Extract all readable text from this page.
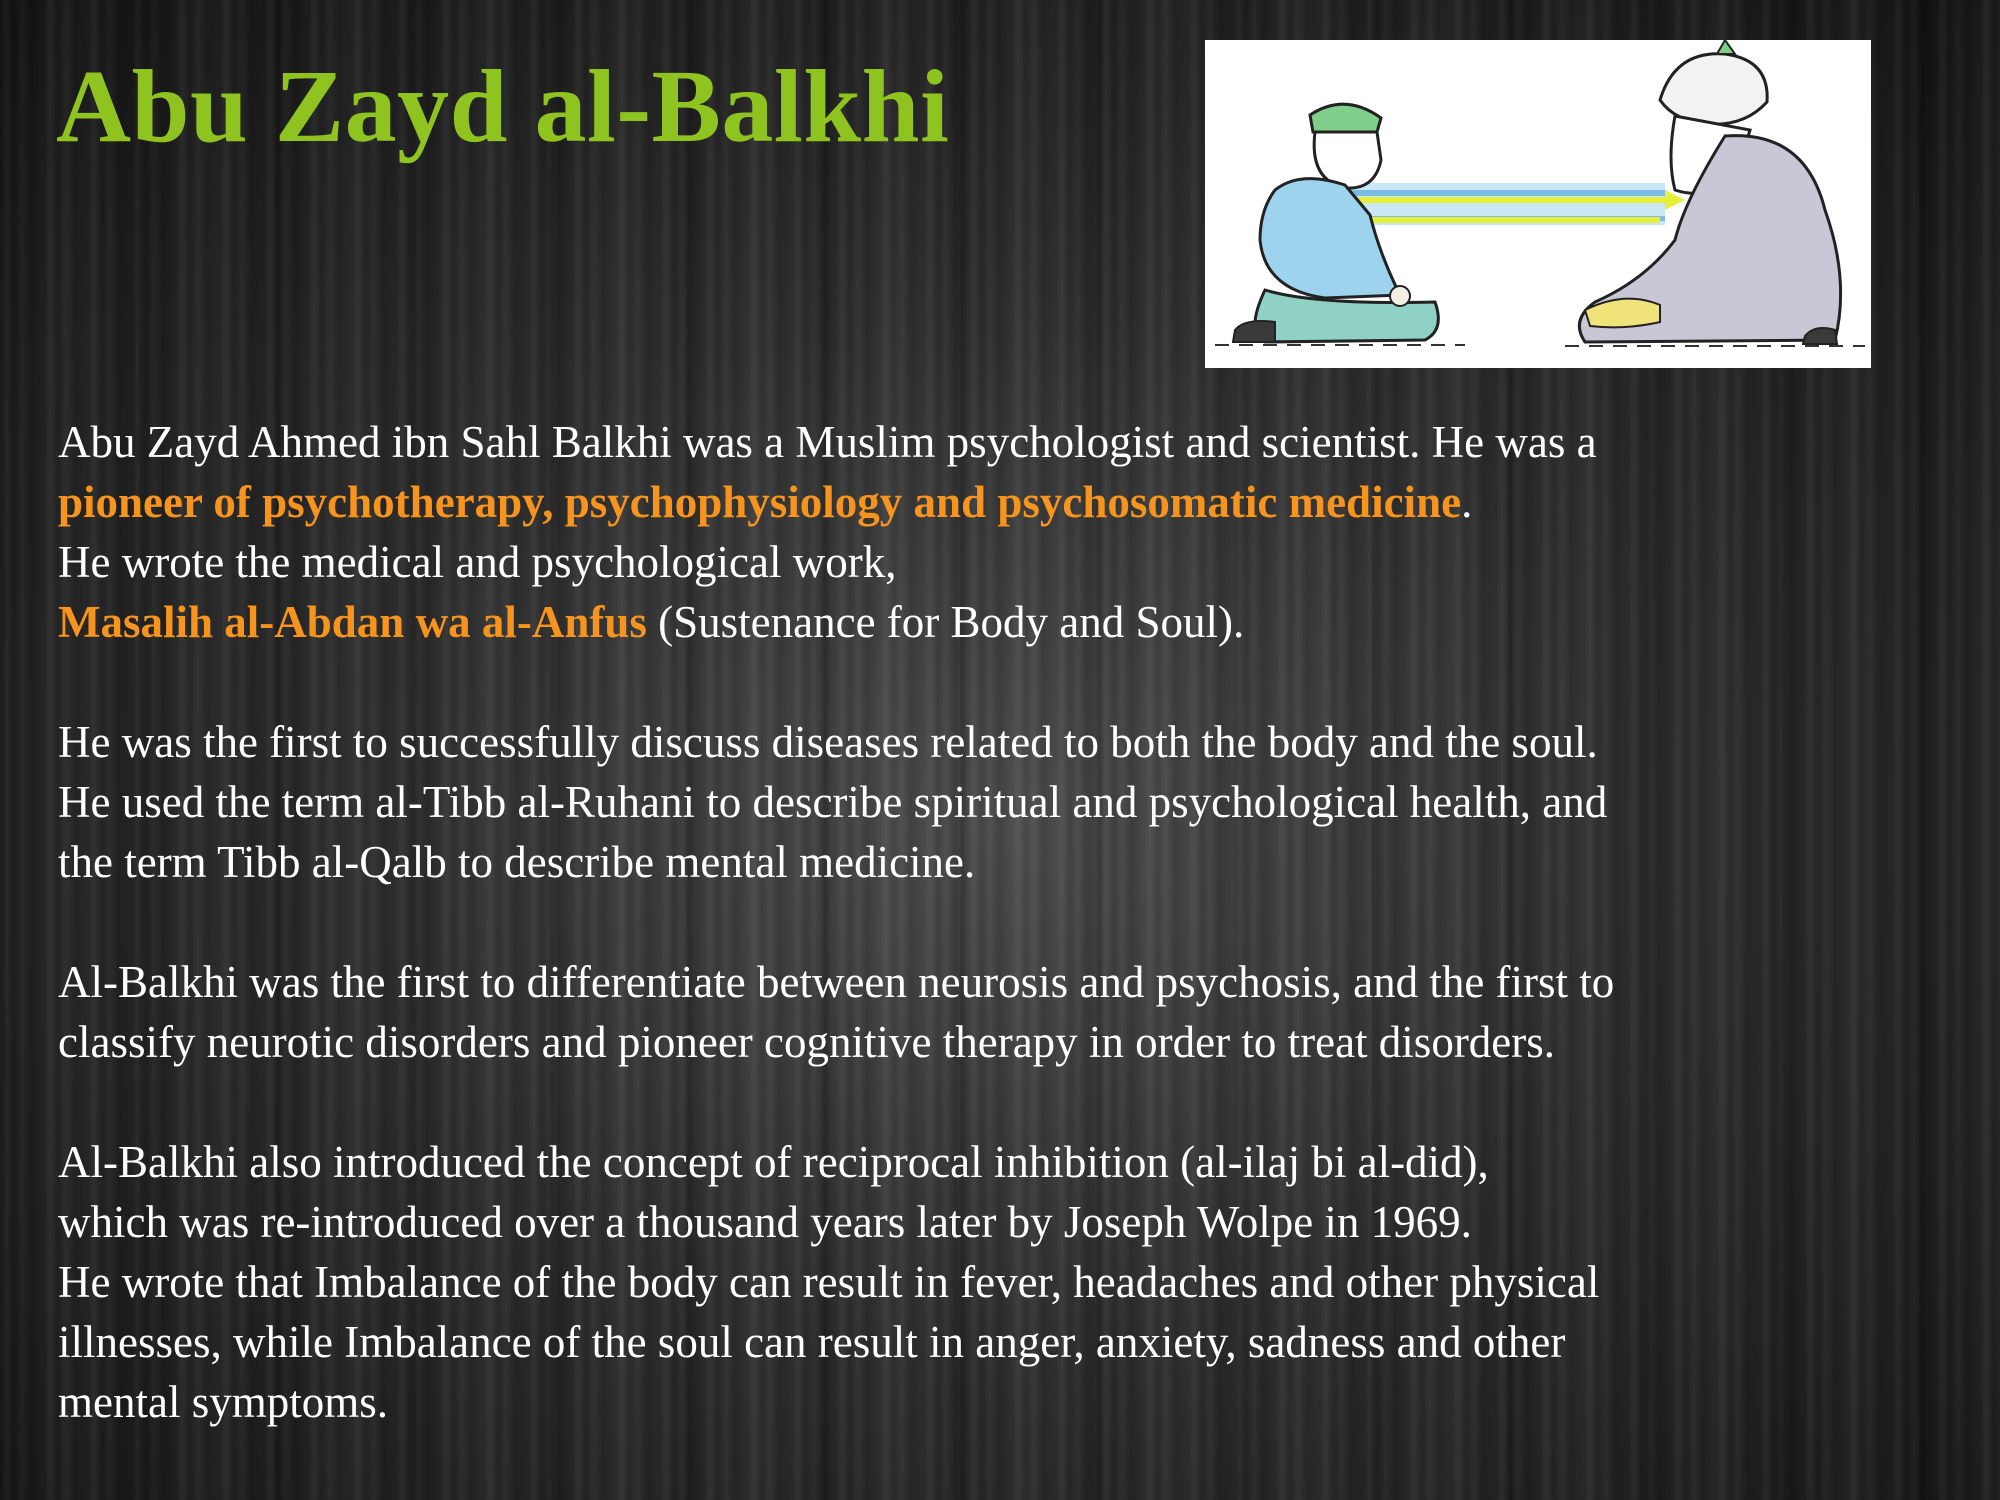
Abu Zayd al-Balkhi

Abu Zayd Ahmed ibn Sahl Balkhi was a Muslim psychologist and scientist. He was a
pioneer of psychotherapy, psychophysiology and psychosomatic medicine.
He wrote the medical and psychological work,
Masalih al-Abdan wa al-Anfus (Sustenance for Body and Soul).

He was the first to successfully discuss diseases related to both the body and the soul.
He used the term al-Tibb al-Ruhani to describe spiritual and psychological health, and
the term Tibb al-Qalb to describe mental medicine.

Al-Balkhi was the first to differentiate between neurosis and psychosis, and the first to
classify neurotic disorders and pioneer cognitive therapy in order to treat disorders.

Al-Balkhi also introduced the concept of reciprocal inhibition (al-ilaj bi al-did),
which was re-introduced over a thousand years later by Joseph Wolpe in 1969.
He wrote that Imbalance of the body can result in fever, headaches and other physical
illnesses, while Imbalance of the soul can result in anger, anxiety, sadness and other
mental symptoms.
